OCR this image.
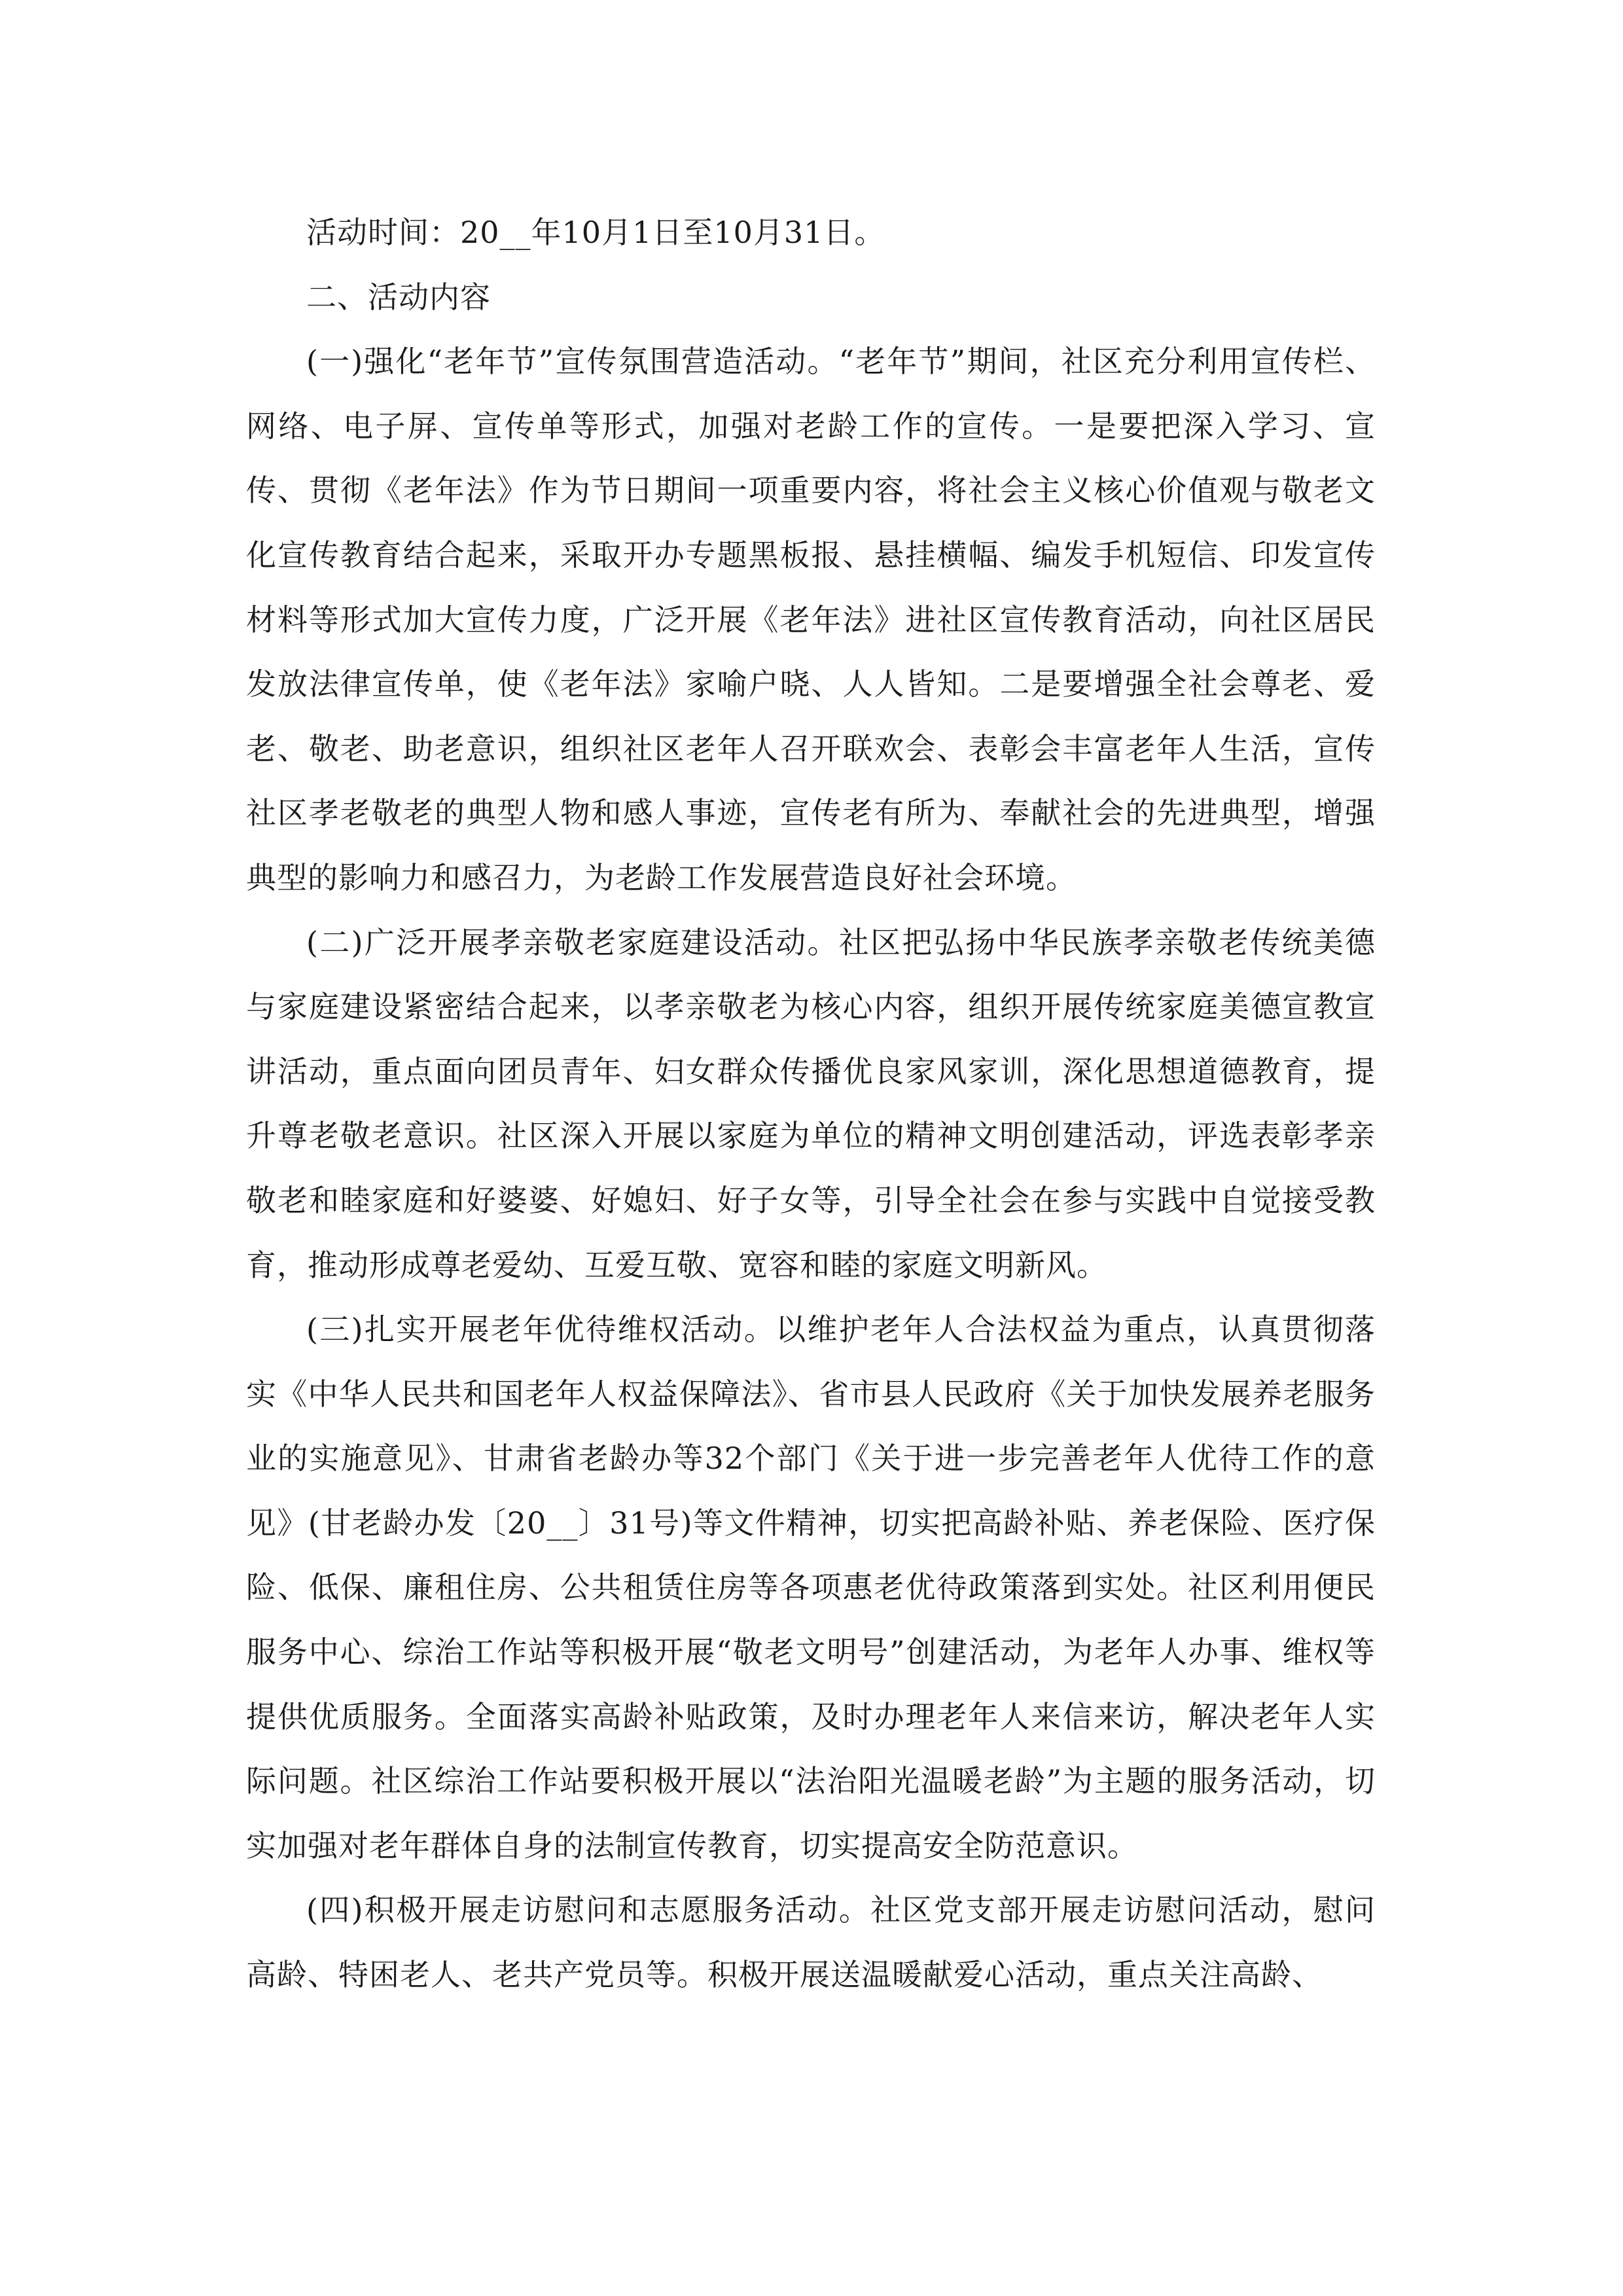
活动时间：20__年10月1日至10月31日。

二、活动内容

(一)强化“老年节”宣传氛围营造活动。“老年节”期间，社区充分利用宣传栏、网络、电子屏、宣传单等形式，加强对老龄工作的宣传。一是要把深入学习、宣传、贯彻《老年法》作为节日期间一项重要内容，将社会主义核心价值观与敬老文化宣传教育结合起来，采取开办专题黑板报、悬挂横幅、编发手机短信、印发宣传材料等形式加大宣传力度，广泛开展《老年法》进社区宣传教育活动，向社区居民发放法律宣传单，使《老年法》家喻户晓、人人皆知。二是要增强全社会尊老、爱老、敬老、助老意识，组织社区老年人召开联欢会、表彰会丰富老年人生活，宣传社区孝老敬老的典型人物和感人事迹，宣传老有所为、奉献社会的先进典型，增强典型的影响力和感召力，为老龄工作发展营造良好社会环境。

(二)广泛开展孝亲敬老家庭建设活动。社区把弘扬中华民族孝亲敬老传统美德与家庭建设紧密结合起来，以孝亲敬老为核心内容，组织开展传统家庭美德宣教宣讲活动，重点面向团员青年、妇女群众传播优良家风家训，深化思想道德教育，提升尊老敬老意识。社区深入开展以家庭为单位的精神文明创建活动，评选表彰孝亲敬老和睦家庭和好婆婆、好媳妇、好子女等，引导全社会在参与实践中自觉接受教育，推动形成尊老爱幼、互爱互敬、宽容和睦的家庭文明新风。

(三)扎实开展老年优待维权活动。以维护老年人合法权益为重点，认真贯彻落实《中华人民共和国老年人权益保障法》、省市县人民政府《关于加快发展养老服务业的实施意见》、甘肃省老龄办等32个部门《关于进一步完善老年人优待工作的意见》(甘老龄办发〔20__〕31号)等文件精神，切实把高龄补贴、养老保险、医疗保险、低保、廉租住房、公共租赁住房等各项惠老优待政策落到实处。社区利用便民服务中心、综治工作站等积极开展“敬老文明号”创建活动，为老年人办事、维权等提供优质服务。全面落实高龄补贴政策，及时办理老年人来信来访，解决老年人实际问题。社区综治工作站要积极开展以“法治阳光温暖老龄”为主题的服务活动，切实加强对老年群体自身的法制宣传教育，切实提高安全防范意识。

(四)积极开展走访慰问和志愿服务活动。社区党支部开展走访慰问活动，慰问高龄、特困老人、老共产党员等。积极开展送温暖献爱心活动，重点关注高龄、
